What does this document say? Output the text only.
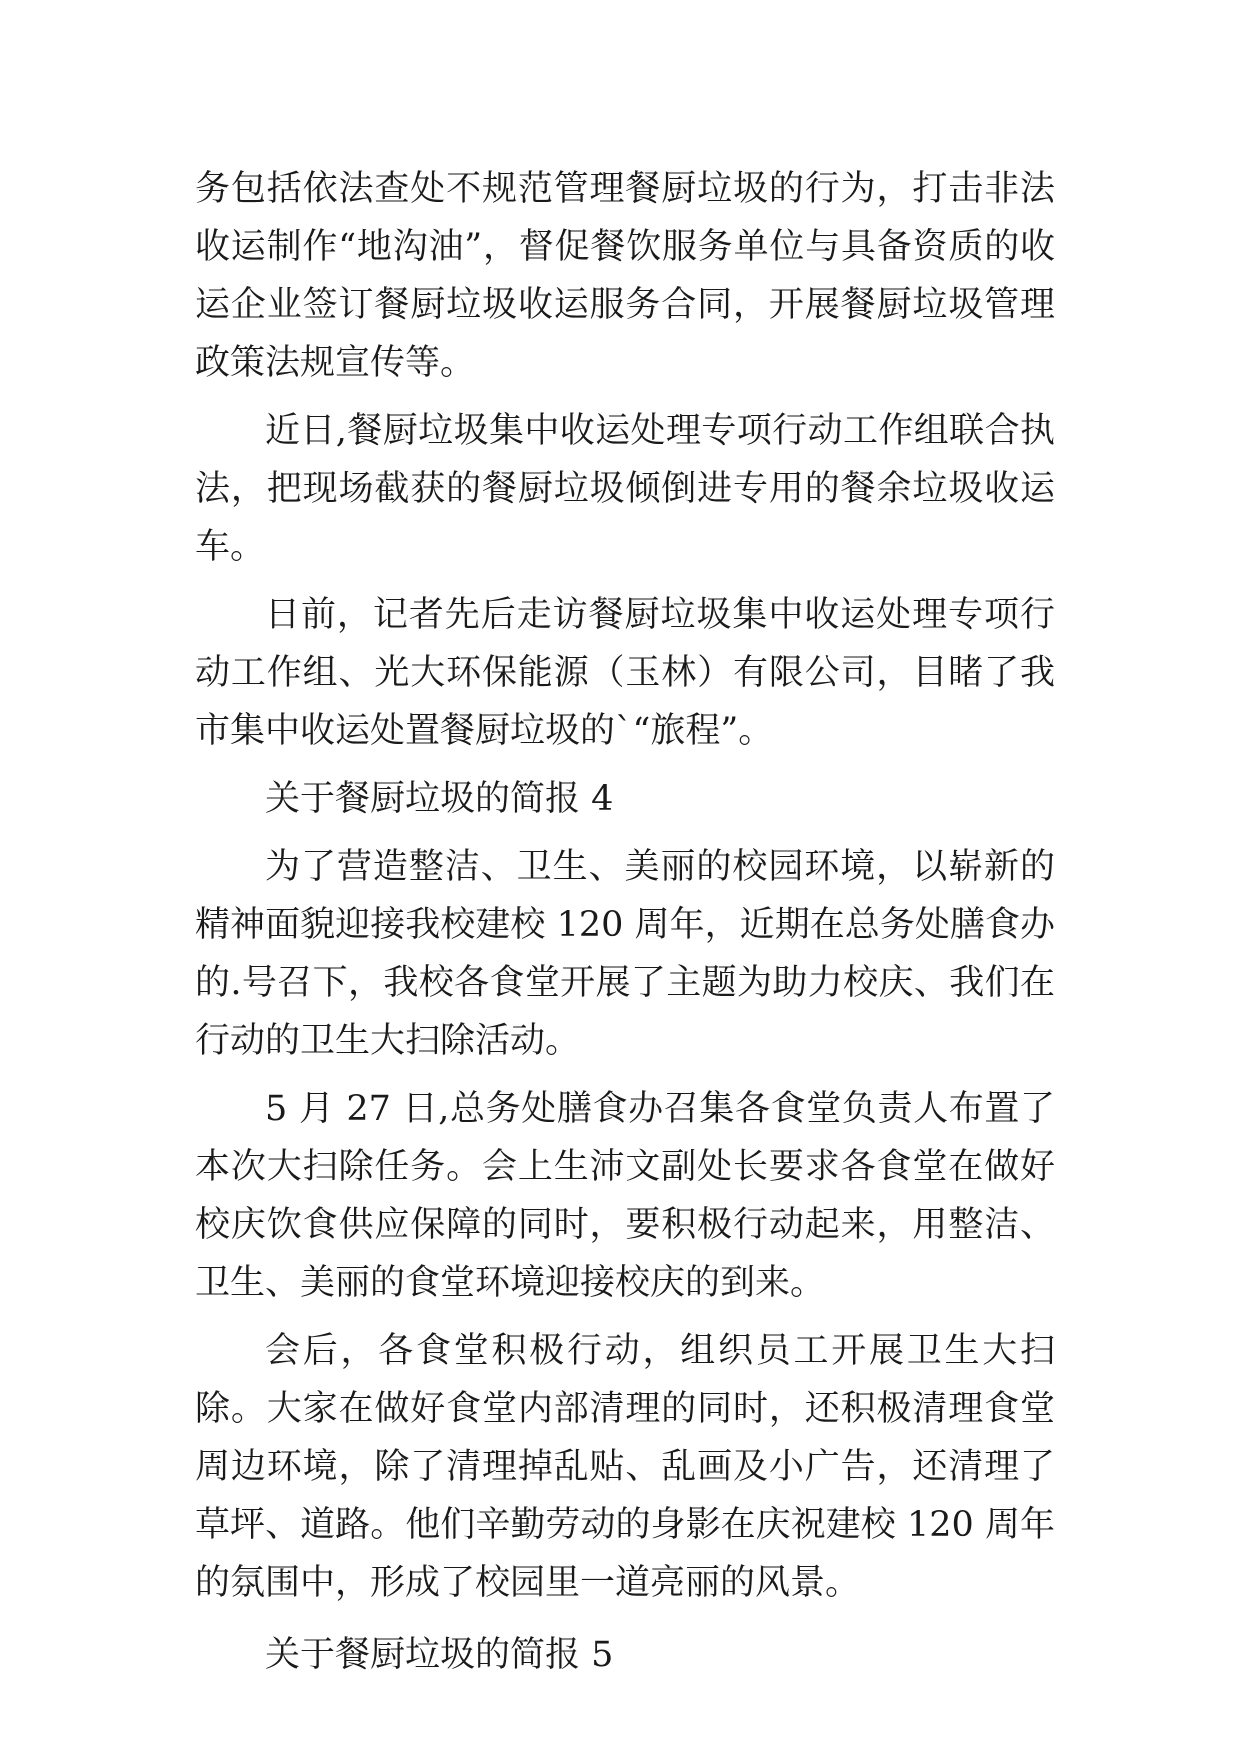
务包括依法查处不规范管理餐厨垃圾的行为，打击非法收运制作“地沟油”，督促餐饮服务单位与具备资质的收运企业签订餐厨垃圾收运服务合同，开展餐厨垃圾管理政策法规宣传等。

近日,餐厨垃圾集中收运处理专项行动工作组联合执法，把现场截获的餐厨垃圾倾倒进专用的餐余垃圾收运车。

日前，记者先后走访餐厨垃圾集中收运处理专项行动工作组、光大环保能源（玉林）有限公司，目睹了我市集中收运处置餐厨垃圾的`“旅程”。

关于餐厨垃圾的简报 4

为了营造整洁、卫生、美丽的校园环境，以崭新的精神面貌迎接我校建校 120 周年，近期在总务处膳食办的.号召下，我校各食堂开展了主题为助力校庆、我们在行动的卫生大扫除活动。

5 月 27 日,总务处膳食办召集各食堂负责人布置了本次大扫除任务。会上生沛文副处长要求各食堂在做好校庆饮食供应保障的同时，要积极行动起来，用整洁、卫生、美丽的食堂环境迎接校庆的到来。

会后，各食堂积极行动，组织员工开展卫生大扫除。大家在做好食堂内部清理的同时，还积极清理食堂周边环境，除了清理掉乱贴、乱画及小广告，还清理了草坪、道路。他们辛勤劳动的身影在庆祝建校 120 周年的氛围中，形成了校园里一道亮丽的风景。

关于餐厨垃圾的简报 5
